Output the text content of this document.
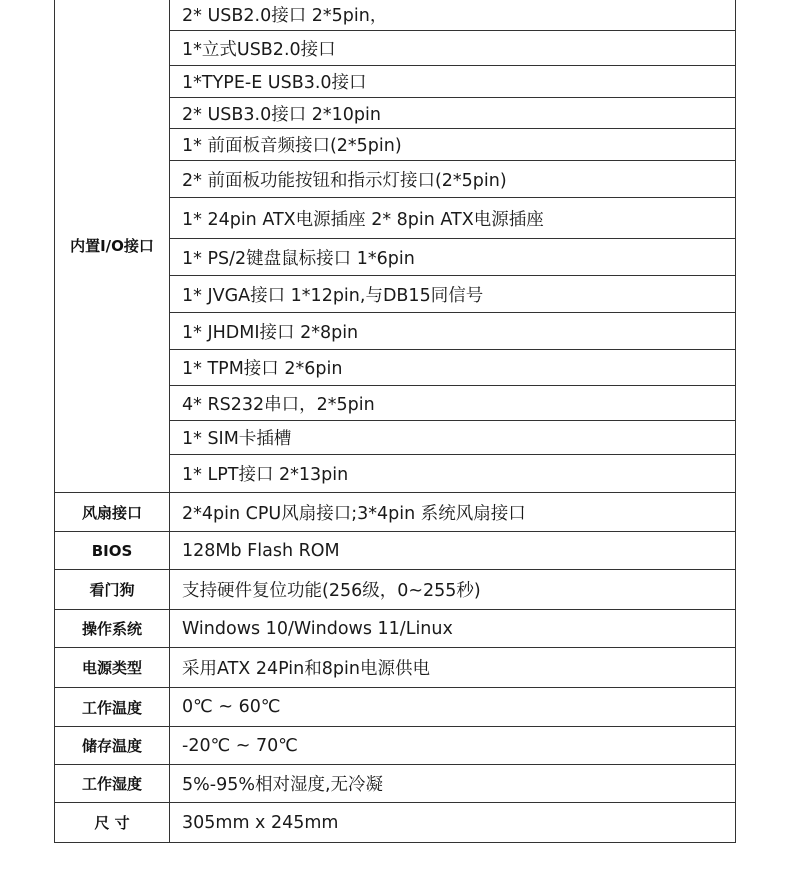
内置I/O接口	2* USB2.0接口 2*5pin，
	1*立式USB2.0接口
	1*TYPE-E USB3.0接口
	2* USB3.0接口 2*10pin
	1* 前面板音频接口(2*5pin)
	2* 前面板功能按钮和指示灯接口(2*5pin)
	1* 24pin ATX电源插座 2* 8pin ATX电源插座
	1* PS/2键盘鼠标接口 1*6pin
	1* JVGA接口 1*12pin,与DB15同信号
	1* JHDMI接口 2*8pin
	1* TPM接口 2*6pin
	4* RS232串口，2*5pin
	1* SIM卡插槽
	1* LPT接口 2*13pin
风扇接口	2*4pin CPU风扇接口;3*4pin 系统风扇接口
BIOS	128Mb Flash ROM
看门狗	支持硬件复位功能(256级，0~255秒)
操作系统	Windows 10/Windows 11/Linux
电源类型	采用ATX 24Pin和8pin电源供电
工作温度	0℃ ~ 60℃
储存温度	-20℃ ~ 70℃
工作湿度	5%-95%相对湿度,无冷凝
尺 寸	305mm x 245mm
